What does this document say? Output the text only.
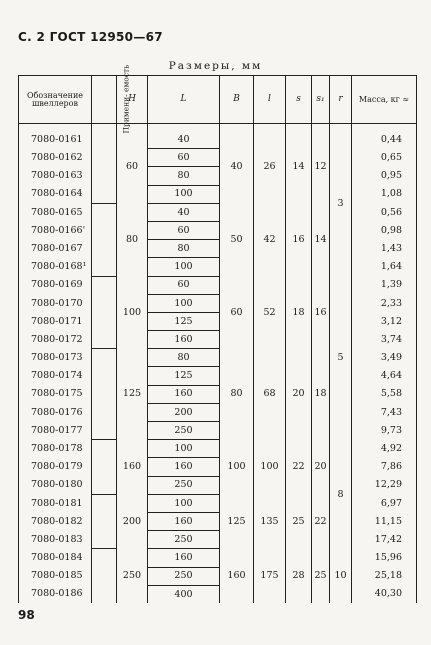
С. 2 ГОСТ 12950—67
Размеры, мм
Обозначение швеллеров	Примени- емость	H	L	B	l	s	s₁	r	Масса, кг ≈

7080-0161		60	40	40	26	14	12	3	0,44
7080-0162			60						0,65
7080-0163			80						0,95
7080-0164			100						1,08
7080-0165		80	40	50	42	16	14		0,56
7080-0166'			60						0,98
7080-0167			80						1,43
7080-0168¹			100						1,64
7080-0169		100	60	60	52	18	16	5	1,39
7080-0170			100						2,33
7080-0171			125						3,12
7080-0172			160						3,74
7080-0173		125	80	80	68	20	18		3,49
7080-0174			125						4,64
7080-0175			160						5,58
7080-0176			200						7,43
7080-0177			250						9,73
7080-0178		160	100	100	100	22	20	8	4,92
7080-0179			160						7,86
7080-0180			250						12,29
7080-0181		200	100	125	135	25	22		6,97
7080-0182			160						11,15
7080-0183			250						17,42
7080-0184		250	160	160	175	28	25	10	15,96
7080-0185			250						25,18
7080-0186			400						40,30
98
